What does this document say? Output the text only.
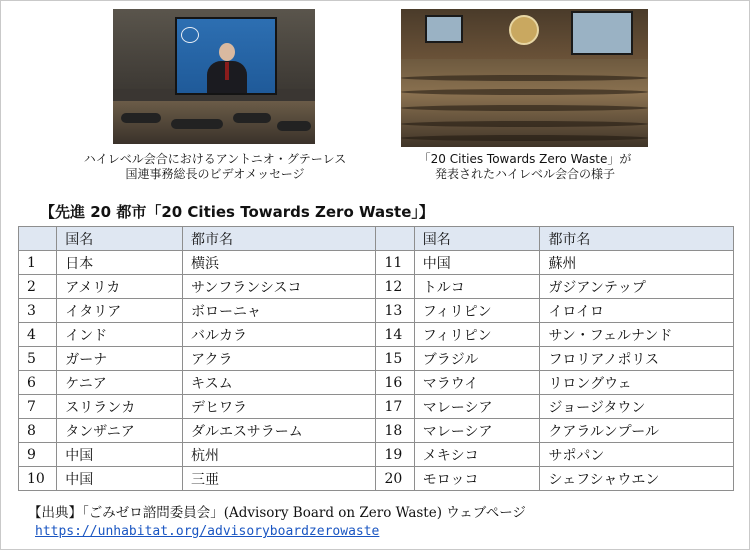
ハイレベル会合におけるアントニオ・グテーレス
国連事務総長のビデオメッセージ
「20 Cities Towards Zero Waste」が
発表されたハイレベル会合の様子
【先進 20 都市「20 Cities Towards Zero Waste」】
	国名	都市名		国名	都市名
1	日本	横浜	11	中国	蘇州
2	アメリカ	サンフランシスコ	12	トルコ	ガジアンテップ
3	イタリア	ボローニャ	13	フィリピン	イロイロ
4	インド	バルカラ	14	フィリピン	サン・フェルナンド
5	ガーナ	アクラ	15	ブラジル	フロリアノポリス
6	ケニア	キスム	16	マラウイ	リロングウェ
7	スリランカ	デヒワラ	17	マレーシア	ジョージタウン
8	タンザニア	ダルエスサラーム	18	マレーシア	クアラルンプール
9	中国	杭州	19	メキシコ	サポパン
10	中国	三亜	20	モロッコ	シェフシャウエン
【出典】「ごみゼロ諮問委員会」(Advisory Board on Zero Waste) ウェブページ
https://unhabitat.org/advisoryboardzerowaste
